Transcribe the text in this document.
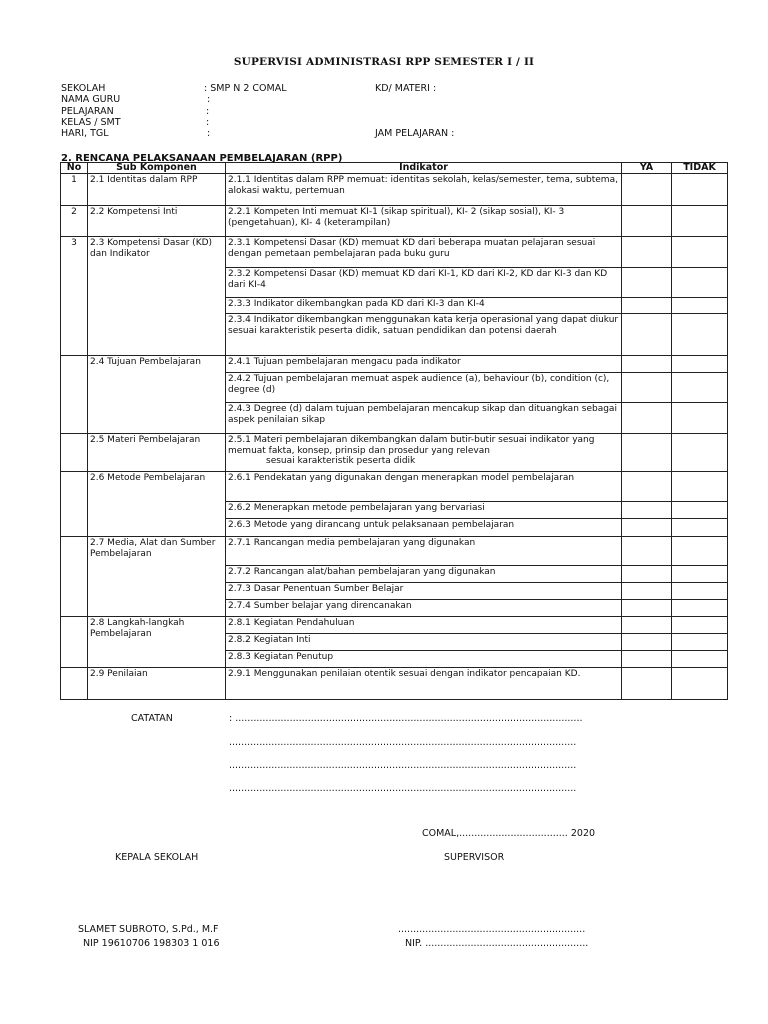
SUPERVISI ADMINISTRASI RPP SEMESTER I / II
SEKOLAH	: SMP N 2 COMAL	KD/ MATERI :
NAMA GURU	:
PELAJARAN	:
KELAS / SMT	:
HARI, TGL	:	JAM PELAJARAN :
2. RENCANA PELAKSANAAN PEMBELAJARAN (RPP)
No	Sub Komponen	Indikator	YA	TIDAK
1	2.1 Identitas dalam RPP	2.1.1 Identitas dalam RPP memuat: identitas sekolah, kelas/semester, tema, subtema, alokasi waktu, pertemuan		
2	2.2 Kompetensi Inti	2.2.1 Kompeten Inti memuat KI-1 (sikap spiritual), KI- 2 (sikap sosial), KI- 3 (pengetahuan), KI- 4 (keterampilan)		
3	2.3 Kompetensi Dasar (KD) dan Indikator	2.3.1 Kompetensi Dasar (KD) memuat KD dari beberapa muatan pelajaran sesuai dengan pemetaan pembelajaran pada buku guru		
		2.3.2 Kompetensi Dasar (KD) memuat KD dari KI-1, KD dari KI-2, KD dar KI-3 dan KD dari KI-4		
		2.3.3 Indikator dikembangkan pada KD dari KI-3 dan KI-4		
		2.3.4 Indikator dikembangkan menggunakan kata kerja operasional yang dapat diukur sesuai karakteristik peserta didik, satuan pendidikan dan potensi daerah		
	2.4 Tujuan Pembelajaran	2.4.1 Tujuan pembelajaran mengacu pada indikator		
		2.4.2 Tujuan pembelajaran memuat aspek audience (a), behaviour (b), condition (c), degree (d)		
		2.4.3 Degree (d) dalam tujuan pembelajaran mencakup sikap dan dituangkan sebagai aspek penilaian sikap		
	2.5 Materi Pembelajaran	2.5.1 Materi pembelajaran dikembangkan dalam butir-butir sesuai indikator yang memuat fakta, konsep, prinsip dan prosedur yang relevan
sesuai karakteristik peserta didik		

	2.6 Metode Pembelajaran	2.6.1 Pendekatan yang digunakan dengan menerapkan model pembelajaran		
		2.6.2 Menerapkan metode pembelajaran yang bervariasi		
		2.6.3 Metode yang dirancang untuk pelaksanaan pembelajaran		
	2.7 Media, Alat dan Sumber Pembelajaran	2.7.1 Rancangan media pembelajaran yang digunakan		
		2.7.2 Rancangan alat/bahan pembelajaran yang digunakan		
		2.7.3 Dasar Penentuan Sumber Belajar		
		2.7.4 Sumber belajar yang direncanakan		
	2.8 Langkah-langkah Pembelajaran	2.8.1 Kegiatan Pendahuluan		
		2.8.2 Kegiatan Inti		
		2.8.3 Kegiatan Penutup		
	2.9 Penilaian	2.9.1 Menggunakan penilaian otentik sesuai dengan indikator pencapaian KD.		
CATATAN	: ...................................................................................................................
...................................................................................................................
...................................................................................................................
...................................................................................................................
COMAL,.................................... 2020
KEPALA SEKOLAH	SUPERVISOR
SLAMET SUBROTO, S.Pd., M.F
NIP 19610706 198303 1 016
..............................................................
NIP. ......................................................
